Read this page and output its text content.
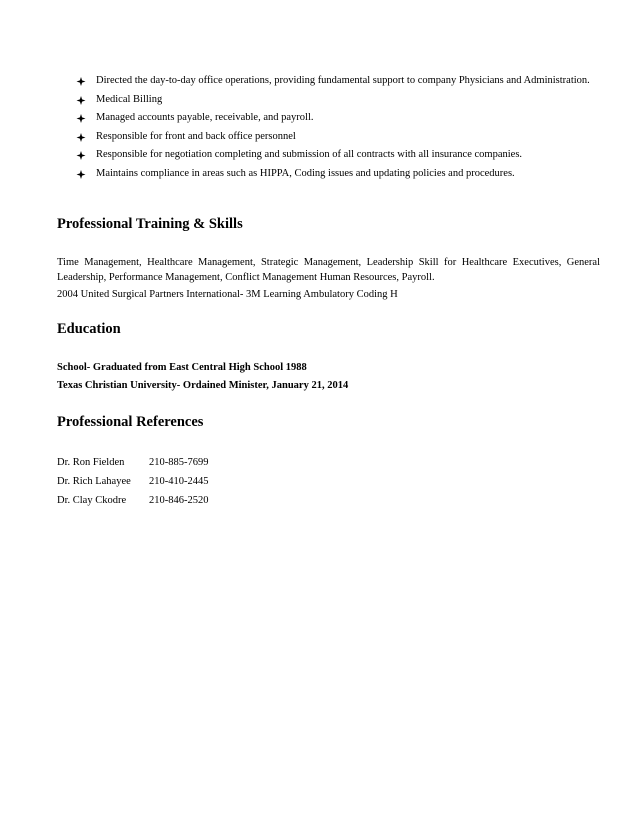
Directed the day-to-day office operations, providing fundamental support to company Physicians and Administration.
Medical Billing
Managed accounts payable, receivable, and payroll.
Responsible for front and back office personnel
Responsible for negotiation completing and submission of all contracts with all insurance companies.
Maintains compliance in areas such as HIPPA, Coding issues and updating policies and procedures.
Professional Training & Skills

Time Management, Healthcare Management, Strategic Management, Leadership Skill for Healthcare Executives, General Leadership, Performance Management, Conflict Management Human Resources, Payroll.

2004 United Surgical Partners International- 3M Learning Ambulatory Coding H

Education

School- Graduated from East Central High School 1988

Texas Christian University- Ordained Minister, January 21, 2014

Professional References
Dr. Ron Fielden	210-885-7699
Dr. Rich Lahayee	210-410-2445
Dr. Clay Ckodre	210-846-2520
